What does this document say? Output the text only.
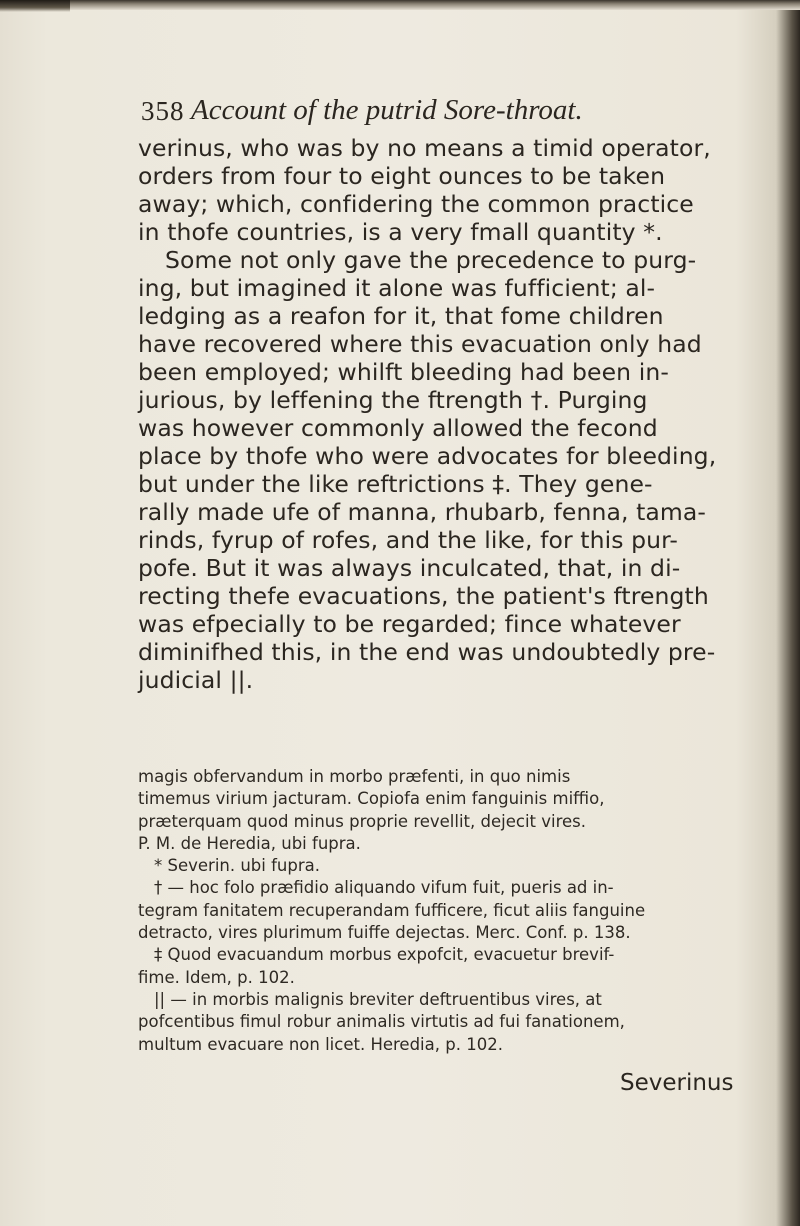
358 Account of the putrid Sore-throat.
verinus, who was by no means a timid operator,
orders from four to eight ounces to be taken
away; which, confidering the common practice
in thofe countries, is a very fmall quantity *.
Some not only gave the precedence to purg-
ing, but imagined it alone was fufficient; al-
ledging as a reafon for it, that fome children
have recovered where this evacuation only had
been employed; whilft bleeding had been in-
jurious, by leffening the ftrength †. Purging
was however commonly allowed the fecond
place by thofe who were advocates for bleeding,
but under the like reftrictions ‡. They gene-
rally made ufe of manna, rhubarb, fenna, tama-
rinds, fyrup of rofes, and the like, for this pur-
pofe. But it was always inculcated, that, in di-
recting thefe evacuations, the patient's ftrength
was efpecially to be regarded; fince whatever
diminifhed this, in the end was undoubtedly pre-
judicial ||.
magis obfervandum in morbo præfenti, in quo nimis
timemus virium jacturam. Copiofa enim fanguinis miffio,
præterquam quod minus proprie revellit, dejecit vires.
P. M. de Heredia, ubi fupra.
* Severin. ubi fupra.
† — hoc folo præfidio aliquando vifum fuit, pueris ad in-
tegram fanitatem recuperandam fufficere, ficut aliis fanguine
detracto, vires plurimum fuiffe dejectas. Merc. Conf. p. 138.
‡ Quod evacuandum morbus expofcit, evacuetur brevif-
fime. Idem, p. 102.
|| — in morbis malignis breviter deftruentibus vires, at
pofcentibus fimul robur animalis virtutis ad fui fanationem,
multum evacuare non licet. Heredia, p. 102.
Severinus
